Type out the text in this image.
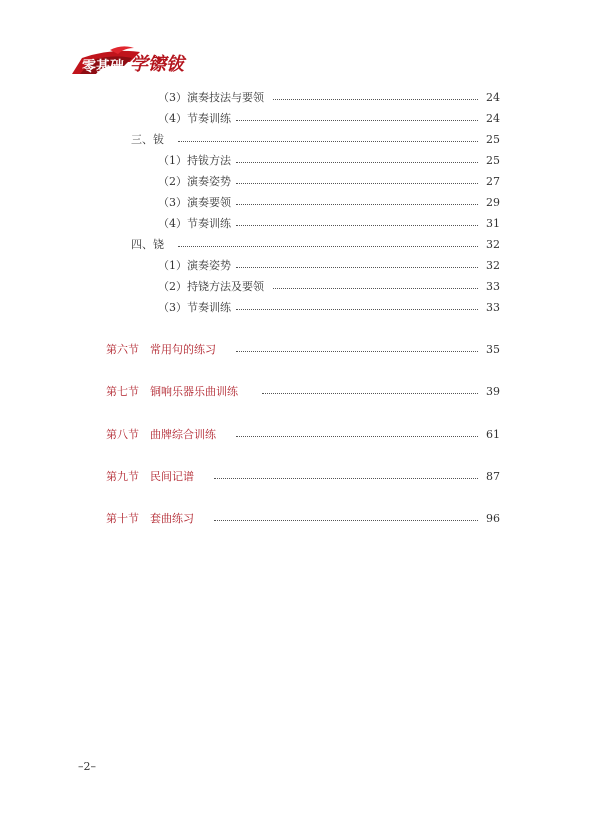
零基础 学镲钹
（3）演奏技法与要领	24
（4）节奏训练	24
三、钹	25
（1）持钹方法	25
（2）演奏姿势	27
（3）演奏要领	29
（4）节奏训练	31
四、铙	32
（1）演奏姿势	32
（2）持铙方法及要领	33
（3）节奏训练	33
第六节　常用句的练习	35
第七节　铜响乐器乐曲训练	39
第八节　曲牌综合训练	61
第九节　民间记谱	87
第十节　套曲练习	96
–2–
